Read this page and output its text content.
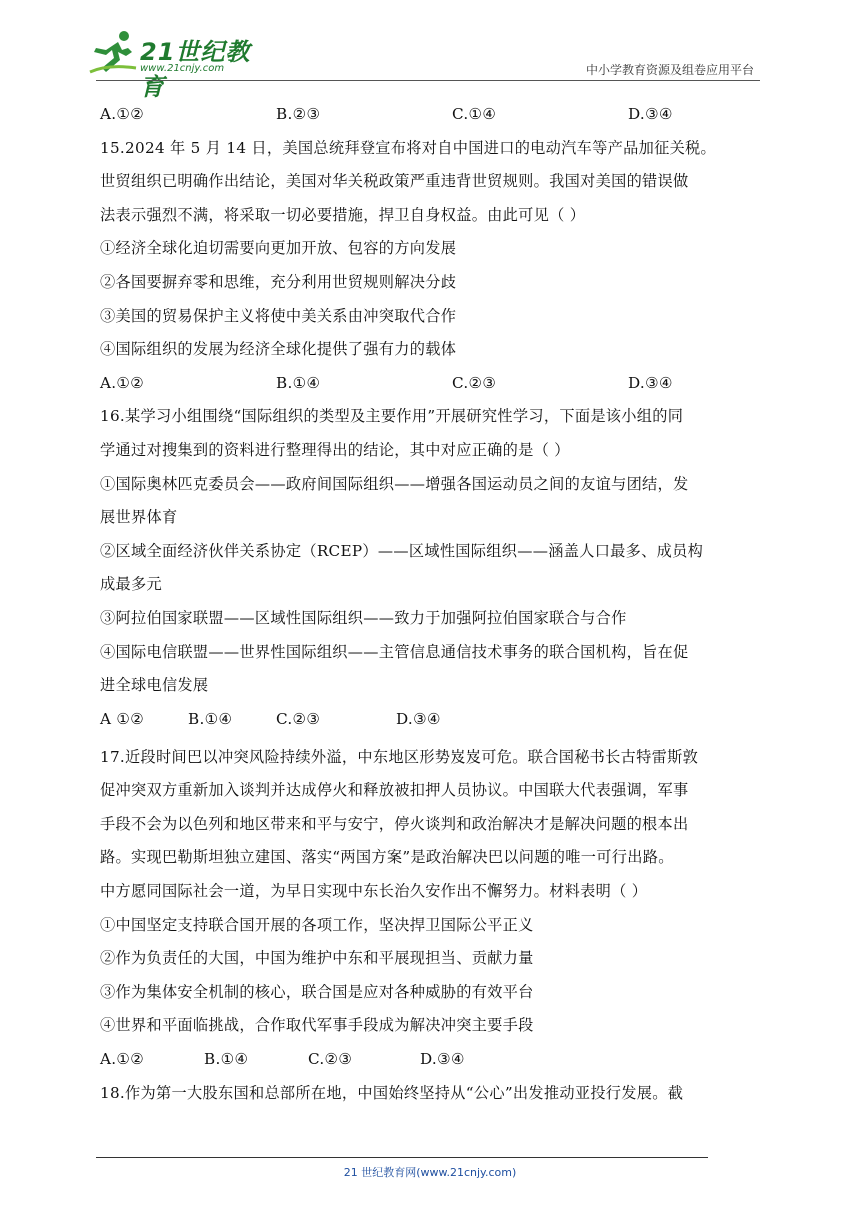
21世纪教育
www.21cnjy.com	中小学教育资源及组卷应用平台
A.①②	B.②③	C.①④	D.③④
15.2024 年 5 月 14 日，美国总统拜登宣布将对自中国进口的电动汽车等产品加征关税。
世贸组织已明确作出结论，美国对华关税政策严重违背世贸规则。我国对美国的错误做
法表示强烈不满，将采取一切必要措施，捍卫自身权益。由此可见（ ）
①经济全球化迫切需要向更加开放、包容的方向发展
②各国要摒弃零和思维，充分利用世贸规则解决分歧
③美国的贸易保护主义将使中美关系由冲突取代合作
④国际组织的发展为经济全球化提供了强有力的载体
A.①②	B.①④	C.②③	D.③④
16.某学习小组围绕“国际组织的类型及主要作用”开展研究性学习，下面是该小组的同
学通过对搜集到的资料进行整理得出的结论，其中对应正确的是（ ）
①国际奥林匹克委员会——政府间国际组织——增强各国运动员之间的友谊与团结，发
展世界体育
②区域全面经济伙伴关系协定（RCEP）——区域性国际组织——涵盖人口最多、成员构
成最多元
③阿拉伯国家联盟——区域性国际组织——致力于加强阿拉伯国家联合与合作
④国际电信联盟——世界性国际组织——主管信息通信技术事务的联合国机构，旨在促
进全球电信发展
A ①②	B.①④	C.②③	D.③④
17.近段时间巴以冲突风险持续外溢，中东地区形势岌岌可危。联合国秘书长古特雷斯敦
促冲突双方重新加入谈判并达成停火和释放被扣押人员协议。中国联大代表强调，军事
手段不会为以色列和地区带来和平与安宁，停火谈判和政治解决才是解决问题的根本出
路。实现巴勒斯坦独立建国、落实“两国方案”是政治解决巴以问题的唯一可行出路。
中方愿同国际社会一道，为早日实现中东长治久安作出不懈努力。材料表明（ ）
①中国坚定支持联合国开展的各项工作，坚决捍卫国际公平正义
②作为负责任的大国，中国为维护中东和平展现担当、贡献力量
③作为集体安全机制的核心，联合国是应对各种威胁的有效平台
④世界和平面临挑战，合作取代军事手段成为解决冲突主要手段
A.①②	B.①④	C.②③	D.③④
18.作为第一大股东国和总部所在地，中国始终坚持从“公心”出发推动亚投行发展。截
21 世纪教育网(www.21cnjy.com)
